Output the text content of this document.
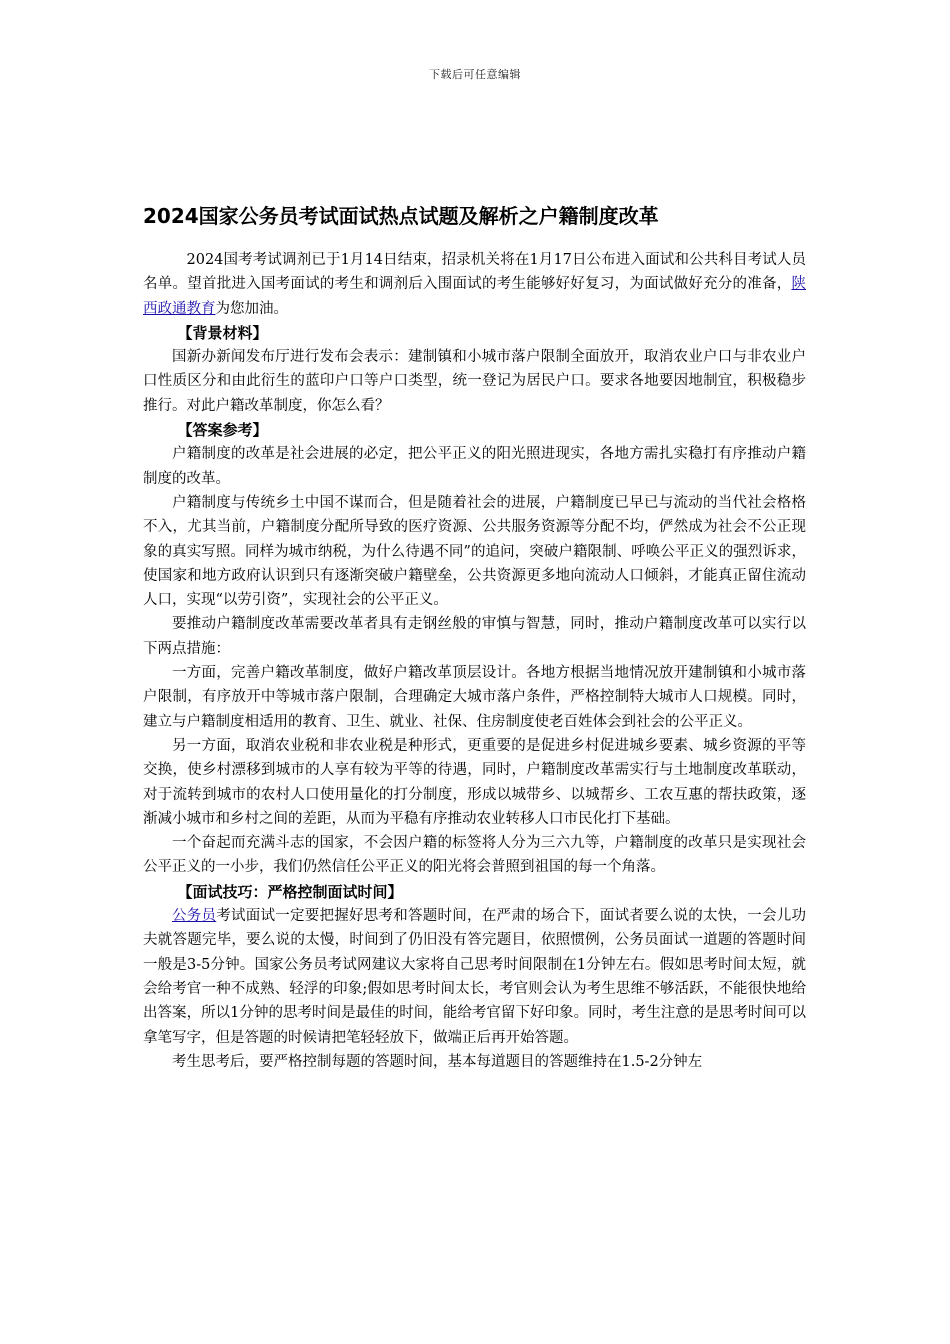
下载后可任意编辑
2024国家公务员考试面试热点试题及解析之户籍制度改革

2024国考考试调剂已于1月14日结束，招录机关将在1月17日公布进入面试和公共科目考试人员名单。望首批进入国考面试的考生和调剂后入围面试的考生能够好好复习，为面试做好充分的准备，陕西政通教育为您加油。

【背景材料】

国新办新闻发布厅进行发布会表示：建制镇和小城市落户限制全面放开，取消农业户口与非农业户口性质区分和由此衍生的蓝印户口等户口类型，统一登记为居民户口。要求各地要因地制宜，积极稳步推行。对此户籍改革制度，你怎么看？

【答案参考】

户籍制度的改革是社会进展的必定，把公平正义的阳光照进现实，各地方需扎实稳打有序推动户籍制度的改革。

户籍制度与传统乡土中国不谋而合，但是随着社会的进展，户籍制度已早已与流动的当代社会格格不入，尤其当前，户籍制度分配所导致的医疗资源、公共服务资源等分配不均，俨然成为社会不公正现象的真实写照。同样为城市纳税，为什么待遇不同”的追问，突破户籍限制、呼唤公平正义的强烈诉求，使国家和地方政府认识到只有逐渐突破户籍壁垒，公共资源更多地向流动人口倾斜，才能真正留住流动人口，实现“以劳引资”，实现社会的公平正义。

要推动户籍制度改革需要改革者具有走钢丝般的审慎与智慧，同时，推动户籍制度改革可以实行以下两点措施：

一方面，完善户籍改革制度，做好户籍改革顶层设计。各地方根据当地情况放开建制镇和小城市落户限制，有序放开中等城市落户限制，合理确定大城市落户条件，严格控制特大城市人口规模。同时，建立与户籍制度相适用的教育、卫生、就业、社保、住房制度使老百姓体会到社会的公平正义。

另一方面，取消农业税和非农业税是种形式，更重要的是促进乡村促进城乡要素、城乡资源的平等交换，使乡村漂移到城市的人享有较为平等的待遇，同时，户籍制度改革需实行与土地制度改革联动，对于流转到城市的农村人口使用量化的打分制度，形成以城带乡、以城帮乡、工农互惠的帮扶政策，逐渐减小城市和乡村之间的差距，从而为平稳有序推动农业转移人口市民化打下基础。

一个奋起而充满斗志的国家，不会因户籍的标签将人分为三六九等，户籍制度的改革只是实现社会公平正义的一小步，我们仍然信任公平正义的阳光将会普照到祖国的每一个角落。

【面试技巧：严格控制面试时间】

公务员考试面试一定要把握好思考和答题时间，在严肃的场合下，面试者要么说的太快，一会儿功夫就答题完毕，要么说的太慢，时间到了仍旧没有答完题目，依照惯例，公务员面试一道题的答题时间一般是3-5分钟。国家公务员考试网建议大家将自己思考时间限制在1分钟左右。假如思考时间太短，就会给考官一种不成熟、轻浮的印象;假如思考时间太长，考官则会认为考生思维不够活跃，不能很快地给出答案，所以1分钟的思考时间是最佳的时间，能给考官留下好印象。同时，考生注意的是思考时间可以拿笔写字，但是答题的时候请把笔轻轻放下，做端正后再开始答题。

考生思考后，要严格控制每题的答题时间，基本每道题目的答题维持在1.5-2分钟左
